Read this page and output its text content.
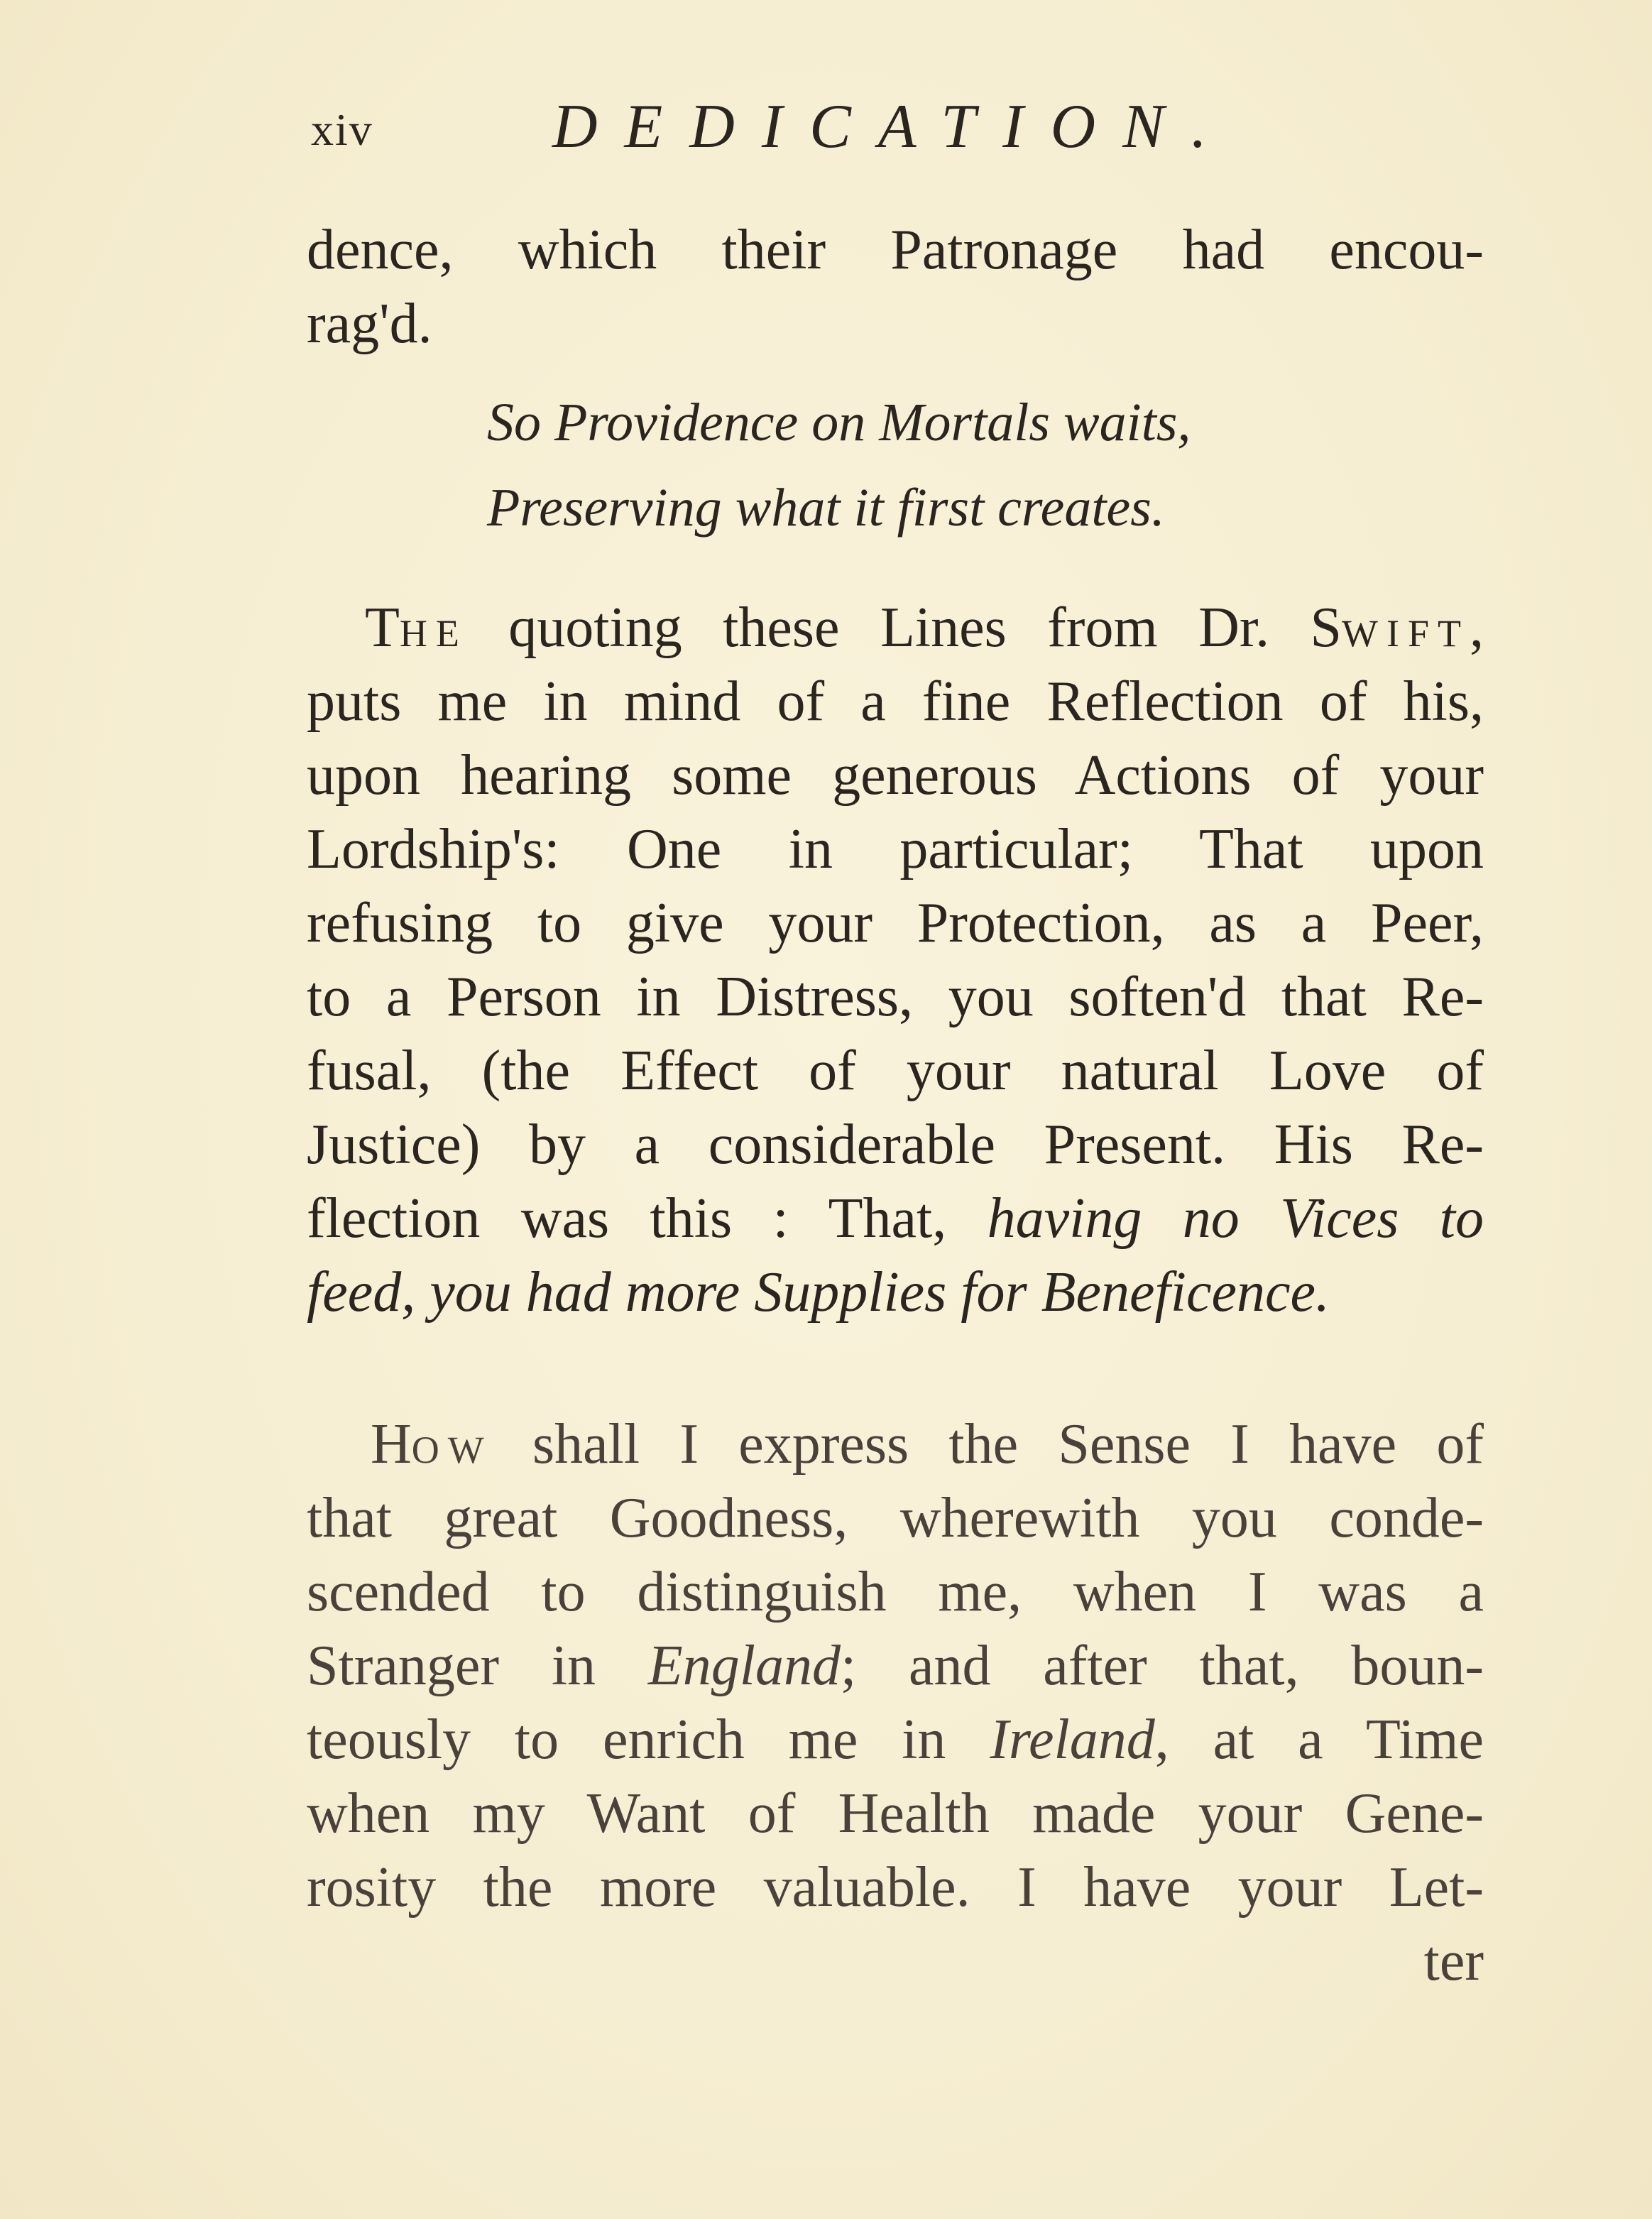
xiv	DEDICATION.
dence, which their Patronage had encou-
rag'd.
So Providence on Mortals waits,
Preserving what it first creates.
THE quoting these Lines from Dr. SWIFT,
puts me in mind of a fine Reflection of his,
upon hearing some generous Actions of your
Lordship's: One in particular; That upon
refusing to give your Protection, as a Peer,
to a Person in Distress, you soften'd that Re-
fusal, (the Effect of your natural Love of
Justice) by a considerable Present. His Re-
flection was this : That, having no Vices to
feed, you had more Supplies for Beneficence.
HOW shall I express the Sense I have of
that great Goodness, wherewith you conde-
scended to distinguish me, when I was a
Stranger in England; and after that, boun-
teously to enrich me in Ireland, at a Time
when my Want of Health made your Gene-
rosity the more valuable. I have your Let-
ter
